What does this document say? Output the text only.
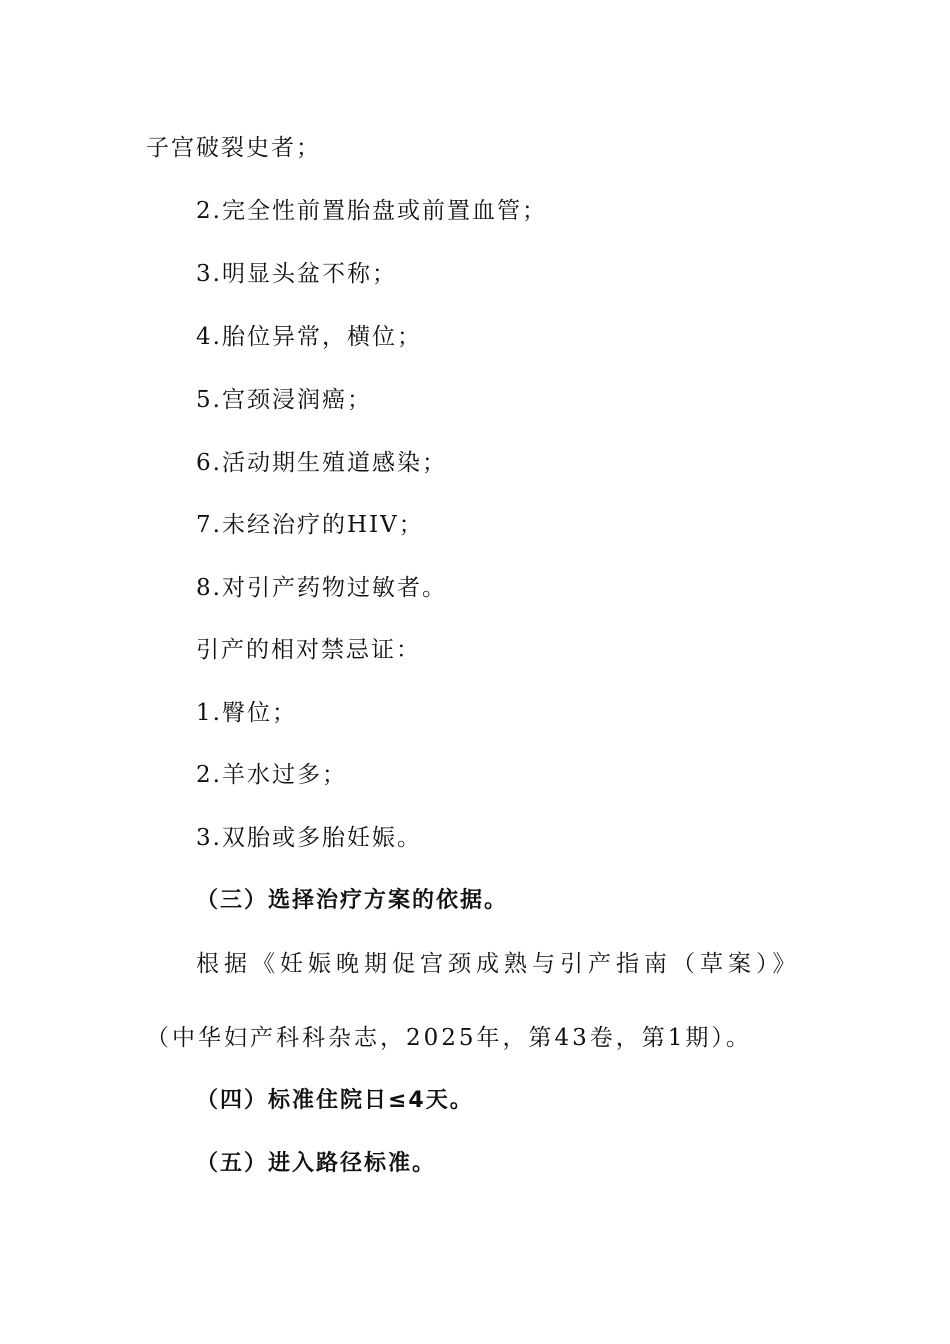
子宫破裂史者；
2.完全性前置胎盘或前置血管；
3.明显头盆不称；
4.胎位异常，横位；
5.宫颈浸润癌；
6.活动期生殖道感染；
7.未经治疗的HIV；
8.对引产药物过敏者。
引产的相对禁忌证：
1.臀位；
2.羊水过多；
3.双胎或多胎妊娠。
（三）选择治疗方案的依据。
根据《妊娠晚期促宫颈成熟与引产指南（草案）》
（中华妇产科科杂志，2025年，第43卷，第1期）。
（四）标准住院日≤4天。
（五）进入路径标准。
